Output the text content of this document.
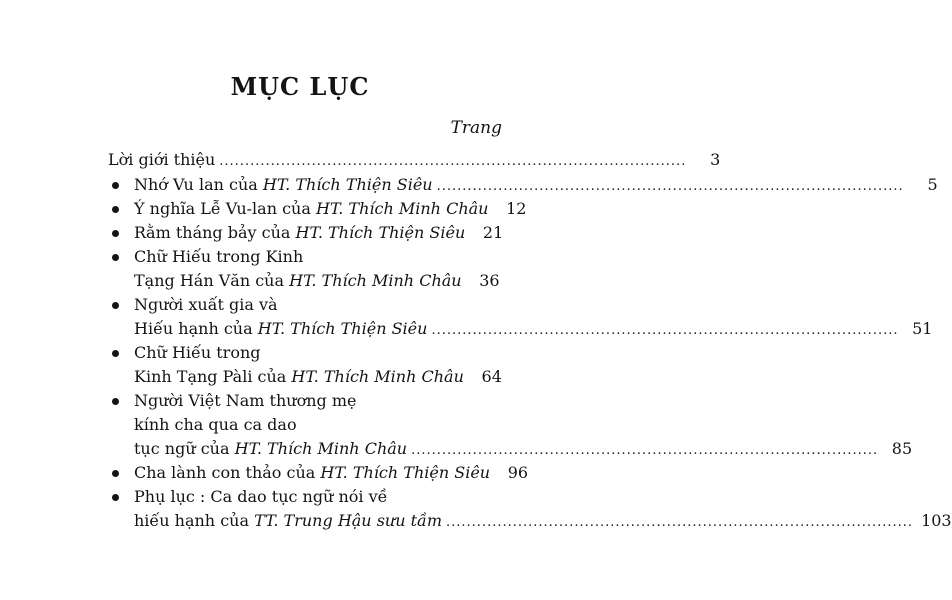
MỤC LỤC
Trang
Lời giới thiệu ...........................................................................................	3
Nhớ Vu lan của HT. Thích Thiện Siêu ...........................................................................................	5
Ý nghĩa Lễ Vu-lan của HT. Thích Minh Châu	12
Rằm tháng bảy của HT. Thích Thiện Siêu	21
Chữ Hiếu trong Kinh
Tạng Hán Văn của HT. Thích Minh Châu	36
Người xuất gia và
Hiếu hạnh của HT. Thích Thiện Siêu ........................................................................................... 51
Chữ Hiếu trong
Kinh Tạng Pàli của HT. Thích Minh Châu	64
Người Việt Nam thương mẹ
kính cha qua ca dao
tục ngữ của HT. Thích Minh Châu ........................................................................................... 85
Cha lành con thảo của HT. Thích Thiện Siêu	96
Phụ lục : Ca dao tục ngữ nói về
hiếu hạnh của TT. Trung Hậu sưu tầm ........................................................................................... 103
